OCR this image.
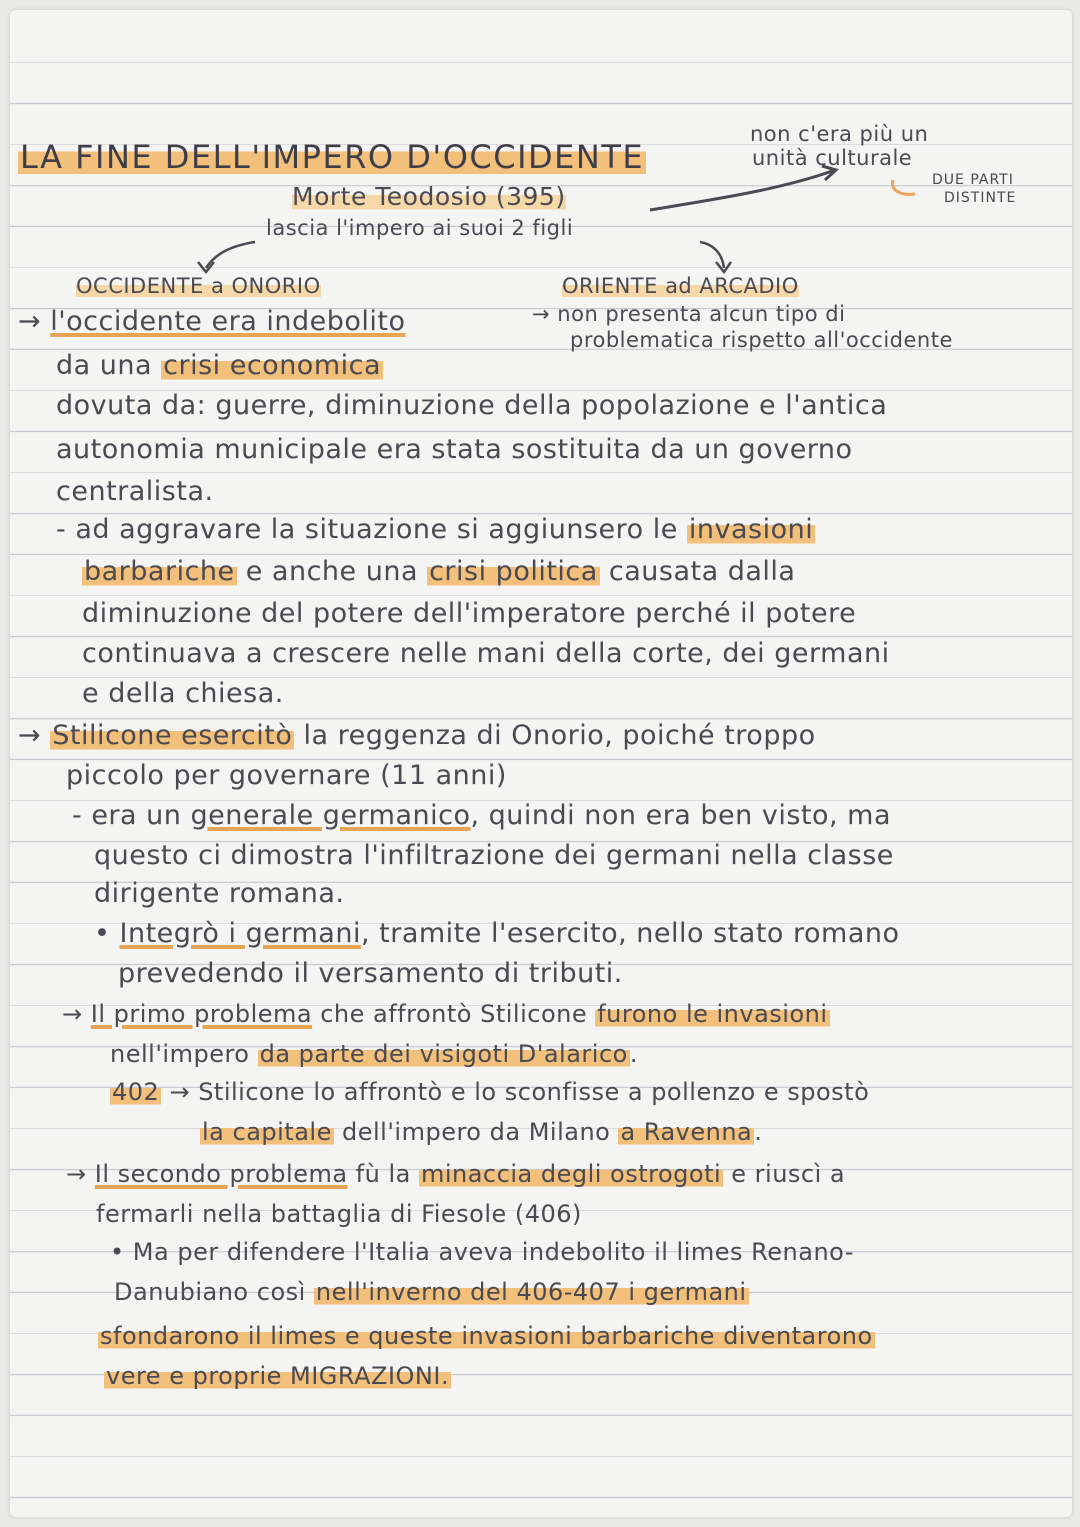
LA FINE DELL'IMPERO D'OCCIDENTE
non c'era più un
unità culturale
DUE PARTI
DISTINTE
Morte Teodosio (395)
lascia l'impero ai suoi 2 figli
OCCIDENTE a ONORIO	ORIENTE ad ARCADIO
→ non presenta alcun tipo di
problematica rispetto all'occidente
→ l'occidente era indebolito
da una crisi economica
dovuta da: guerre, diminuzione della popolazione e l'antica
autonomia municipale era stata sostituita da un governo
centralista.
- ad aggravare la situazione si aggiunsero le invasioni
barbariche e anche una crisi politica causata dalla
diminuzione del potere dell'imperatore perché il potere
continuava a crescere nelle mani della corte, dei germani
e della chiesa.
→ Stilicone esercitò la reggenza di Onorio, poiché troppo
piccolo per governare (11 anni)
- era un generale germanico, quindi non era ben visto, ma
questo ci dimostra l'infiltrazione dei germani nella classe
dirigente romana.
• Integrò i germani, tramite l'esercito, nello stato romano
prevedendo il versamento di tributi.
→ Il primo problema che affrontò Stilicone furono le invasioni
nell'impero da parte dei visigoti D'alarico.
402 → Stilicone lo affrontò e lo sconfisse a pollenzo e spostò
la capitale dell'impero da Milano a Ravenna.
→ Il secondo problema fù la minaccia degli ostrogoti e riuscì a
fermarli nella battaglia di Fiesole (406)
• Ma per difendere l'Italia aveva indebolito il limes Renano-
Danubiano così nell'inverno del 406-407 i germani
sfondarono il limes e queste invasioni barbariche diventarono
vere e proprie MIGRAZIONI.
